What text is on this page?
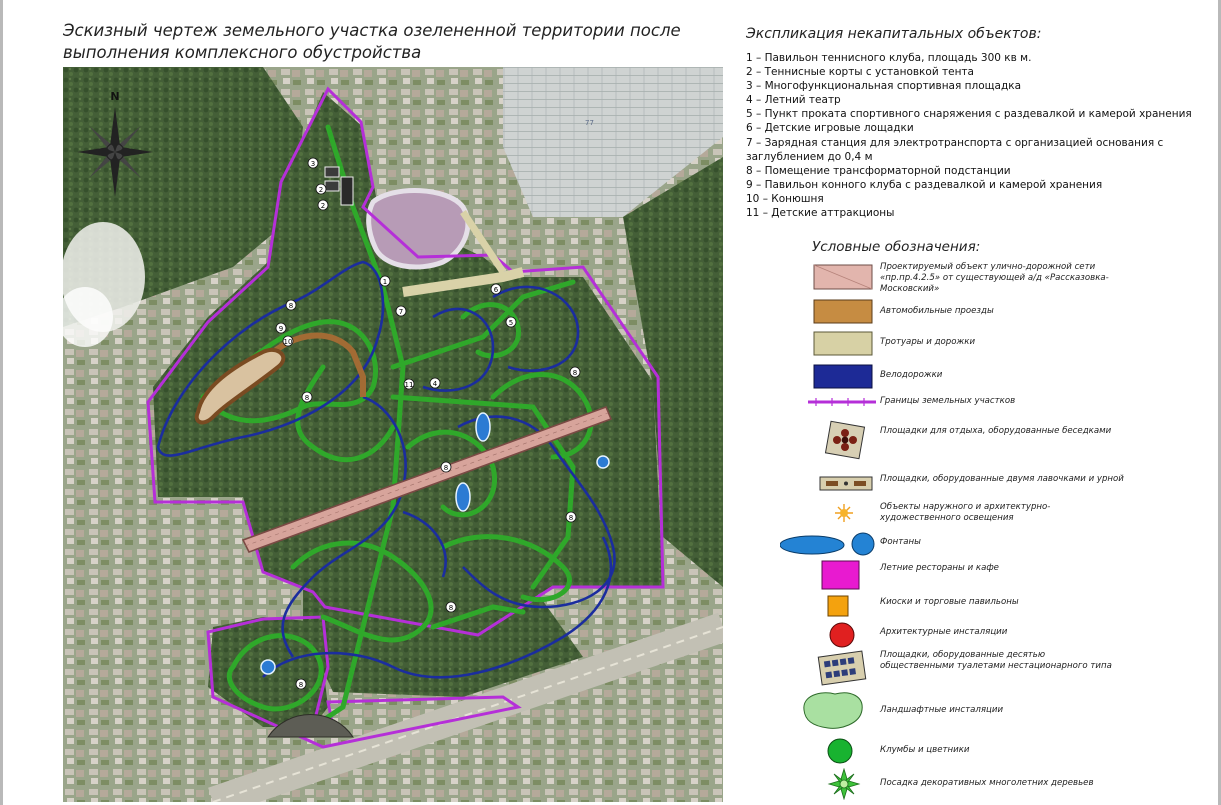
Эскизный чертеж земельного участка озелененной территории после
выполнения комплексного обустройства
3
2
2
1
6
7
5
8
9
10
11	4
8
8
8
8
8
8
77
N
Экспликация некапитальных объектов:
1 – Павильон теннисного клуба, площадь 300 кв м.
2 – Теннисные корты с установкой тента
3 – Многофункциональная спортивная площадка
4 – Летний театр
5 – Пункт проката спортивного снаряжения с раздевалкой и камерой хранения
6 – Детские игровые лощадки
7 – Зарядная станция для электротранспорта с организацией основания с
заглублением до 0,4 м
8 – Помещение трансформаторной подстанции
9 – Павильон конного клуба с раздевалкой и камерой хранения
10 – Конюшня
11 – Детские аттракционы
Условные обозначения:
Проектируемый объект улично-дорожной сети «пр.пр.4.2.5» от существующей а/д «Рассказовка-Московский»
Автомобильные проезды
Тротуары и дорожки
Велодорожки
Границы земельных участков
Площадки для отдыха, оборудованные беседками
Площадки, оборудованные двумя лавочками и урной
Объекты наружного и архитектурно-художественного освещения
Фонтаны
Летние рестораны и кафе
Киоски и торговые павильоны
Архитектурные инсталяции
Площадки, оборудованные десятью общественными туалетами нестационарного типа
Ландшафтные инсталяции
Клумбы и цветники
Посадка декоративных многолетних деревьев
